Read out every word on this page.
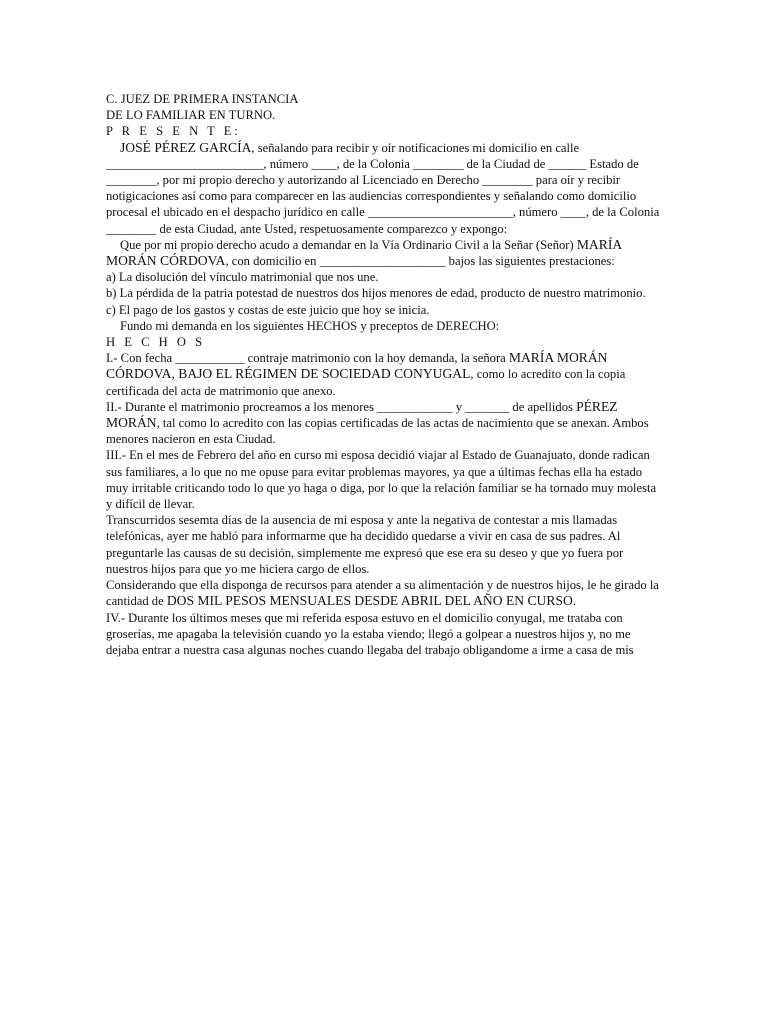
C. JUEZ DE PRIMERA INSTANCIA

DE LO FAMILIAR EN TURNO.

P R E S E N T E:

JOSÉ PÉREZ GARCÍA, señalando para recibir y oír notificaciones mi domicilio en calle _________________________, número ____, de la Colonia ________ de la Ciudad de ______ Estado de ________, por mi propio derecho y autorizando al Licenciado en Derecho ________ para oír y recibir notigicaciones así como para comparecer en las audiencias correspondientes y señalando como domicilio procesal el ubicado en el despacho jurídico en calle _______________________, número ____, de la Colonia ________ de esta Ciudad, ante Usted, respetuosamente comparezco y expongo:

Que por mi propio derecho acudo a demandar en la Vía Ordinario Civil a la Señar (Señor) MARÍA MORÁN CÓRDOVA, con domicilio en ____________________ bajos las siguientes prestaciones:

a) La disolución del vínculo matrimonial que nos une.

b) La pérdida de la patria potestad de nuestros dos hijos menores de edad, producto de nuestro matrimonio.

c) El pago de los gastos y costas de este juicio que hoy se inicia.

Fundo mi demanda en los siguientes HECHOS y preceptos de DERECHO:

H E C H O S

I.- Con fecha ___________ contraje matrimonio con la hoy demanda, la señora MARÍA MORÁN CÓRDOVA, BAJO EL RÉGIMEN DE SOCIEDAD CONYUGAL, como lo acredito con la copia certificada del acta de matrimonio que anexo.

II.- Durante el matrimonio procreamos a los menores ____________ y _______ de apellidos PÉREZ MORÁN, tal como lo acredito con las copias certificadas de las actas de nacimiento que se anexan. Ambos menores nacieron en esta Ciudad.

III.- En el mes de Febrero del año en curso mi esposa decidió viajar al Estado de Guanajuato, donde radican sus familiares, a lo que no me opuse para evitar problemas mayores, ya que a últimas fechas ella ha estado muy irritable criticando todo lo que yo haga o diga, por lo que la relación familiar se ha tornado muy molesta y difícil de llevar.

Transcurridos sesemta días de la ausencia de mi esposa y ante la negativa de contestar a mis llamadas telefónicas, ayer me habló para informarme que ha decidido quedarse a vivir en casa de sus padres. Al preguntarle las causas de su decisión, simplemente me expresó que ese era su deseo y que yo fuera por nuestros hijos para que yo me hiciera cargo de ellos.

Considerando que ella disponga de recursos para atender a su alimentación y de nuestros hijos, le he girado la cantidad de DOS MIL PESOS MENSUALES DESDE ABRIL DEL AÑO EN CURSO.

IV.- Durante los últimos meses que mi referida esposa estuvo en el domicilio conyugal, me trataba con groserías, me apagaba la televisión cuando yo la estaba viendo; llegó a golpear a nuestros hijos y, no me dejaba entrar a nuestra casa algunas noches cuando llegaba del trabajo obligandome a irme a casa de mis
